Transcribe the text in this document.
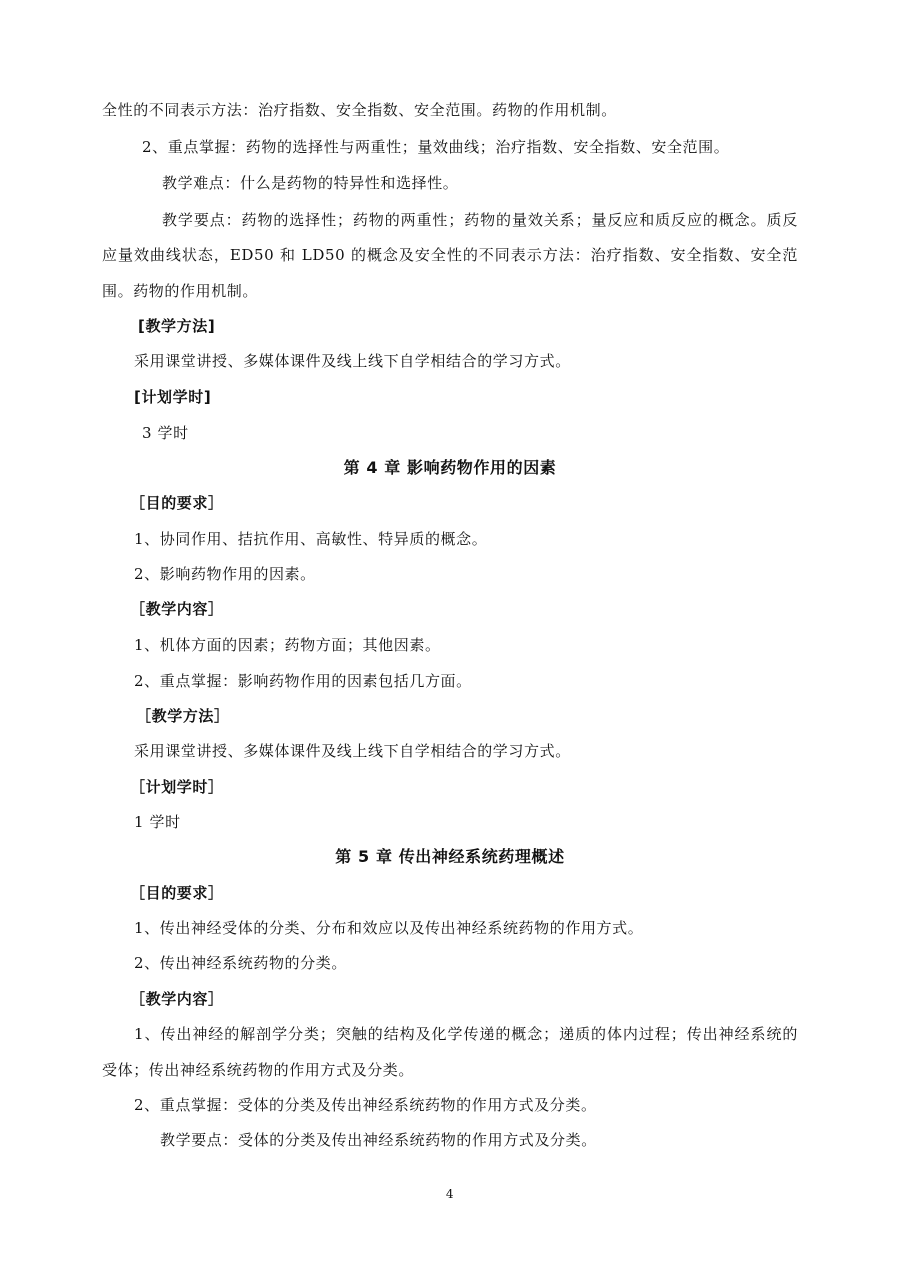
全性的不同表示方法：治疗指数、安全指数、安全范围。药物的作用机制。
2、重点掌握：药物的选择性与两重性；量效曲线；治疗指数、安全指数、安全范围。
教学难点：什么是药物的特异性和选择性。
教学要点：药物的选择性；药物的两重性；药物的量效关系；量反应和质反应的概念。质反
应量效曲线状态，ED50 和 LD50 的概念及安全性的不同表示方法：治疗指数、安全指数、安全范
围。药物的作用机制。
[教学方法]
采用课堂讲授、多媒体课件及线上线下自学相结合的学习方式。
[计划学时]
3 学时
第 4 章 影响药物作用的因素
［目的要求］
1、协同作用、拮抗作用、高敏性、特异质的概念。
2、影响药物作用的因素。
［教学内容］
1、机体方面的因素；药物方面；其他因素。
2、重点掌握：影响药物作用的因素包括几方面。
［教学方法］
采用课堂讲授、多媒体课件及线上线下自学相结合的学习方式。
［计划学时］
1 学时
第 5 章 传出神经系统药理概述
［目的要求］
1、传出神经受体的分类、分布和效应以及传出神经系统药物的作用方式。
2、传出神经系统药物的分类。
［教学内容］
1、传出神经的解剖学分类；突触的结构及化学传递的概念；递质的体内过程；传出神经系统的
受体；传出神经系统药物的作用方式及分类。
2、重点掌握：受体的分类及传出神经系统药物的作用方式及分类。
教学要点：受体的分类及传出神经系统药物的作用方式及分类。
4
